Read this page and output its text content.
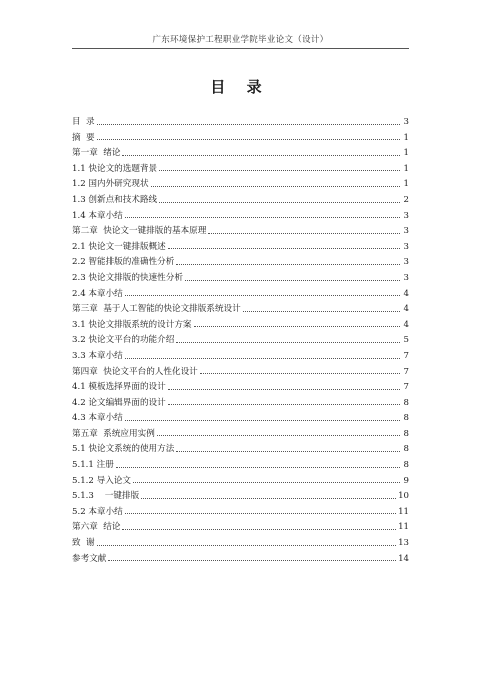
广东环境保护工程职业学院毕业论文（设计）
目 录
目  录	3
摘  要	1
第一章  绪论	1
1.1 快论文的选题背景	1
1.2 国内外研究现状	1
1.3 创新点和技术路线	2
1.4 本章小结	3
第二章  快论文一键排版的基本原理	3
2.1 快论文一键排版概述	3
2.2 智能排版的准确性分析	3
2.3 快论文排版的快速性分析	3
2.4 本章小结	4
第三章  基于人工智能的快论文排版系统设计	4
3.1 快论文排版系统的设计方案	4
3.2 快论文平台的功能介绍	5
3.3 本章小结	7
第四章  快论文平台的人性化设计	7
4.1 模板选择界面的设计	7
4.2 论文编辑界面的设计	8
4.3 本章小结	8
第五章  系统应用实例	8
5.1 快论文系统的使用方法	8
5.1.1 注册	8
5.1.2 导入论文	9
5.1.3    一键排版	10
5.2 本章小结	11
第六章  结论	11
致  谢	13
参考文献	14
